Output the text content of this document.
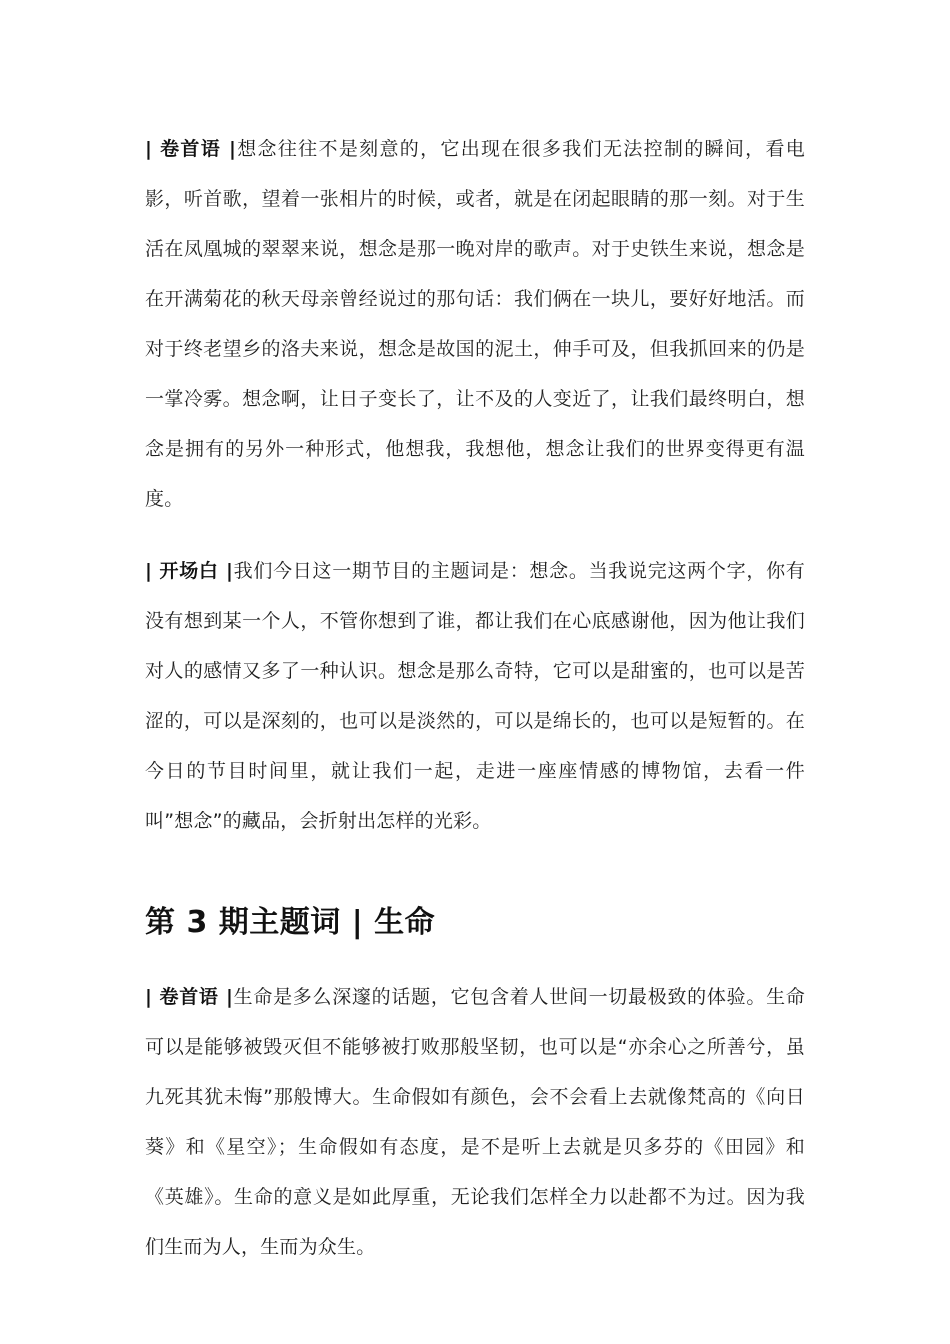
| 卷首语 |想念往往不是刻意的，它出现在很多我们无法控制的瞬间，看电影，听首歌，望着一张相片的时候，或者，就是在闭起眼睛的那一刻。对于生活在凤凰城的翠翠来说，想念是那一晚对岸的歌声。对于史铁生来说，想念是在开满菊花的秋天母亲曾经说过的那句话：我们俩在一块儿，要好好地活。而对于终老望乡的洛夫来说，想念是故国的泥土，伸手可及，但我抓回来的仍是一掌冷雾。想念啊，让日子变长了，让不及的人变近了，让我们最终明白，想念是拥有的另外一种形式，他想我，我想他，想念让我们的世界变得更有温度。

| 开场白 |我们今日这一期节目的主题词是：想念。当我说完这两个字，你有没有想到某一个人，不管你想到了谁，都让我们在心底感谢他，因为他让我们对人的感情又多了一种认识。想念是那么奇特，它可以是甜蜜的，也可以是苦涩的，可以是深刻的，也可以是淡然的，可以是绵长的，也可以是短暂的。在今日的节目时间里，就让我们一起，走进一座座情感的博物馆，去看一件叫”想念”的藏品，会折射出怎样的光彩。

第 3 期主题词 | 生命

| 卷首语 |生命是多么深邃的话题，它包含着人世间一切最极致的体验。生命可以是能够被毁灭但不能够被打败那般坚韧，也可以是“亦余心之所善兮，虽九死其犹未悔”那般博大。生命假如有颜色，会不会看上去就像梵高的《向日葵》和《星空》；生命假如有态度，是不是听上去就是贝多芬的《田园》和《英雄》。生命的意义是如此厚重，无论我们怎样全力以赴都不为过。因为我们生而为人，生而为众生。
